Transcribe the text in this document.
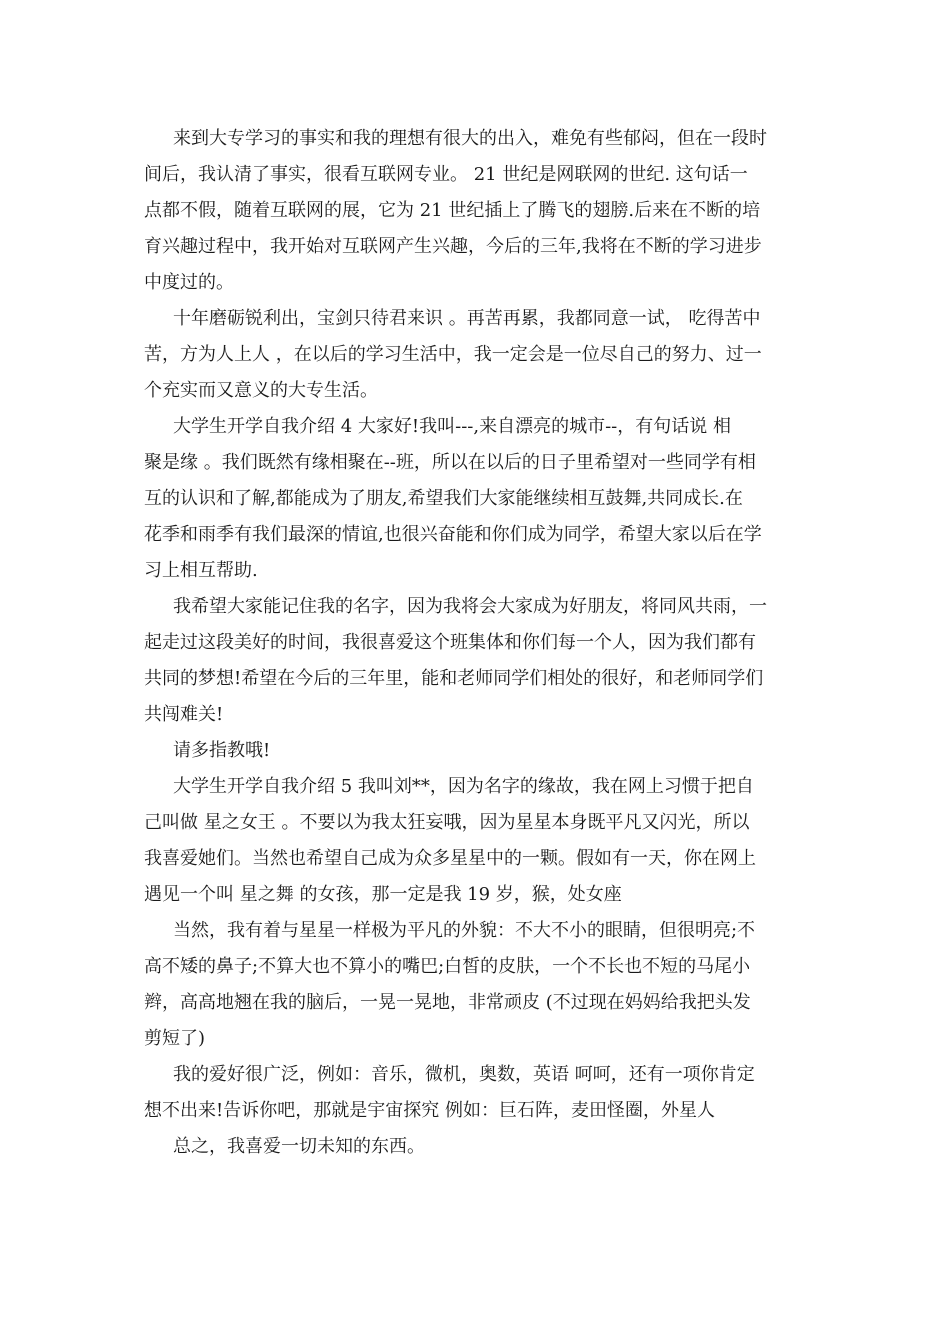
来到大专学习的事实和我的理想有很大的出入，难免有些郁闷，但在一段时
间后，我认清了事实，很看互联网专业。 21 世纪是网联网的世纪. 这句话一
点都不假，随着互联网的展，它为 21 世纪插上了腾飞的翅膀.后来在不断的培
育兴趣过程中，我开始对互联网产生兴趣，今后的三年,我将在不断的学习进步
中度过的。

十年磨砺锐利出，宝剑只待君来识 。再苦再累，我都同意一试， 吃得苦中
苦，方为人上人 ，在以后的学习生活中，我一定会是一位尽自己的努力、过一
个充实而又意义的大专生活。

大学生开学自我介绍 4 大家好!我叫---,来自漂亮的城市--，有句话说 相
聚是缘 。我们既然有缘相聚在--班，所以在以后的日子里希望对一些同学有相
互的认识和了解,都能成为了朋友,希望我们大家能继续相互鼓舞,共同成长.在
花季和雨季有我们最深的情谊,也很兴奋能和你们成为同学，希望大家以后在学
习上相互帮助.

我希望大家能记住我的名字，因为我将会大家成为好朋友，将同风共雨，一
起走过这段美好的时间，我很喜爱这个班集体和你们每一个人，因为我们都有
共同的梦想!希望在今后的三年里，能和老师同学们相处的很好，和老师同学们
共闯难关!

请多指教哦!

大学生开学自我介绍 5 我叫刘**，因为名字的缘故，我在网上习惯于把自
己叫做 星之女王 。不要以为我太狂妄哦，因为星星本身既平凡又闪光，所以
我喜爱她们。当然也希望自己成为众多星星中的一颗。假如有一天，你在网上
遇见一个叫 星之舞 的女孩，那一定是我 19 岁，猴，处女座

当然，我有着与星星一样极为平凡的外貌：不大不小的眼睛，但很明亮;不
高不矮的鼻子;不算大也不算小的嘴巴;白皙的皮肤，一个不长也不短的马尾小
辫，高高地翘在我的脑后，一晃一晃地，非常顽皮 (不过现在妈妈给我把头发
剪短了)

我的爱好很广泛，例如：音乐，微机，奥数，英语 呵呵，还有一项你肯定
想不出来!告诉你吧，那就是宇宙探究 例如：巨石阵，麦田怪圈，外星人

总之，我喜爱一切未知的东西。
